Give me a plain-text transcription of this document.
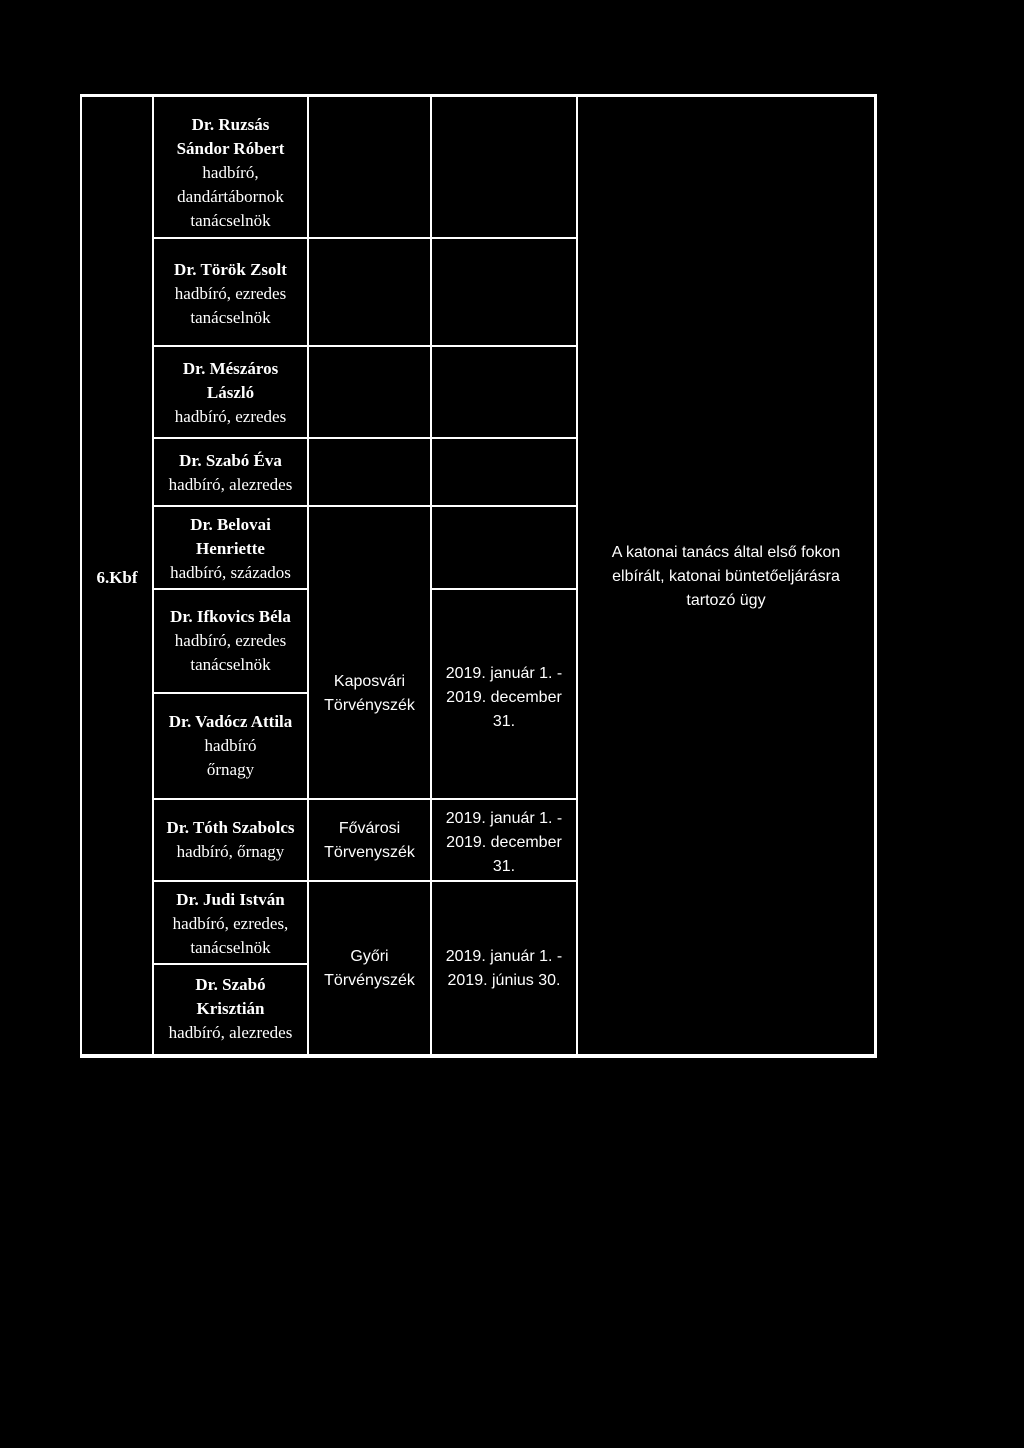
6.Kbf
Dr. Ruzsás
Sándor Róbert
hadbíró,
dandártábornok
tanácselnök
Dr. Török Zsolt
hadbíró, ezredes
tanácselnök
Dr. Mészáros
László
hadbíró, ezredes
Dr. Szabó Éva
hadbíró, alezredes
Dr. Belovai
Henriette
hadbíró, százados
Dr. Ifkovics Béla
hadbíró, ezredes
tanácselnök
Dr. Vadócz Attila
hadbíró
őrnagy
Dr. Tóth Szabolcs
hadbíró, őrnagy
Dr. Judi István
hadbíró, ezredes,
tanácselnök
Dr. Szabó
Krisztián
hadbíró, alezredes
Kaposvári
Törvényszék
Fővárosi
Törvenyszék
Győri
Törvényszék
2019. január 1. -
2019. december
31.
2019. január 1. -
2019. december
31.
2019. január 1. -
2019. június 30.
A katonai tanács által első fokon
elbírált, katonai büntetőeljárásra
tartozó ügy
